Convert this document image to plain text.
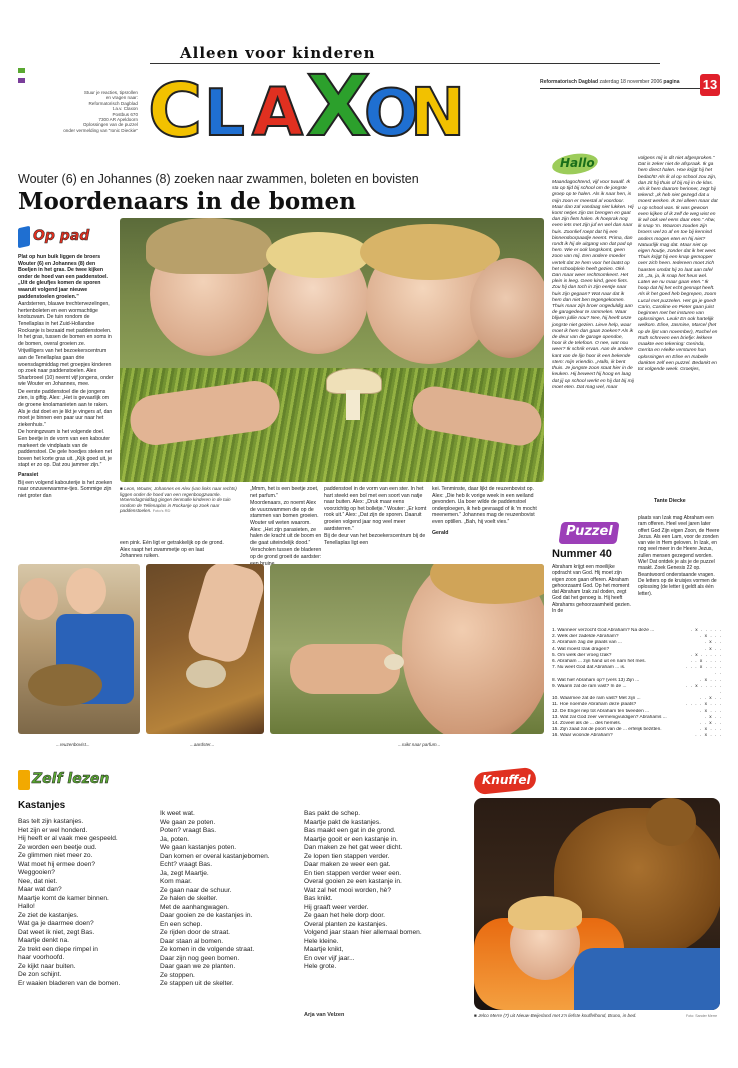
Stuur je reacties, tipsrollen
en vragen naar:
Reformatorisch Dagblad
t.a.v. Claxon
Postbus 670
7300 AR Apeldoorn
Oplossingen van de puzzel
onder vermelding van "Ionic Dieckie"
Alleen voor kinderen
C L A X
O
N	Reformatorisch Dagblad zaterdag 18 november 2006 pagina	13
Wouter (6) en Johannes (8) zoeken naar zwammen, boleten en bovisten
Moordenaars in de bomen
Op pad

Plat op hun buik liggen de broers Wouter (6) en Johannes (8) den Boeljen in het gras. De twee kijken onder de hoed van een paddenstoel. „Uit de gleufjes komen de sporen waaruit volgend jaar nieuwe paddenstoelen groeien.”

Aardsterren, blauwe trechtervezelingen, hertenboleten en een wormachtige knotszwam. De tuin rondom de Tenellaplas in het Zuid-Hollandse Rockanje is bezaaid met paddenstoelen. In het gras, tussen de bomen en soms in de bomen, overal groeien ze.

Vrijwilligers van het bezoekerscentrum aan de Tenellaplas gaan drie woensdagmiddag met groepjes kinderen op zoek naar paddenstoelen. Alex Sharbroeel (10) neemt vijf jongens, onder wie Wouter en Johannes, mee.

De eerste paddenstoel die de jongens zien, is giftig. Alex: „Het is gevaarlijk om de groene knolamanieten aan te raken. Als je dat doet en je likt je vingers af, dan moet je binnen een paar uur naar het ziekenhuis.”

De honingzwam is het volgende doel. Een beetje in de vorm van een kabouter markeert de vindplaats van de paddenstoel. De gele hoedjes steken net boven het korte gras uit. „Kijk goed uit, je stapt er zo op. Dat zou jammer zijn.”

Parasiet

Bij een volgend kabouterije is het zoeken naar onzuwerwamme-tjes. Sommige zijn niet groter dan

■ Leon, Wouter, Johannes en Alex (van links naar rechts) liggen onder de hoed van een regenboogzwamle. Woensdagmiddag gingen tienmalle kinderen in de tuin rondom de Tellenaplas in Rockanje op zoek naar paddenstoelen. Foto's RD

een pink. Eén ligt er getrakkelijk op de grond. Alex raapt het zwammetje op en laat Johannes ruiken.

„Mmm, het is een beetje zoet, net parfum.”

Moordenaars, zo noemt Alex de vuurzwammen die op de stammen van bomen groeien. Wouter wil weten waarom. Alex: „Het zijn parasieten, ze halen de kracht uit de boom en die gaat uiteindelijk dood.”

Verscholen tussen de bladeren op de grond groeit de aardster: bruine

paddenstoel in de vorm van een ster. In het hart steekt een bol met een soort van natje naar buiten. Alex: „Druk maar eens voorzichtig op het bolletje.” Wouter: „Er komt rook uit.” Alex: „Dat zijn de sporen. Daaruit groeien volgend jaar nog veel meer aardsterren.”

Bij de deur van het bezoekerscentrum bij de Tenellaplas ligt een

kei. Tenminste, daar lijkt de reuzenbovist op. Alex: „Die heb ik vorige week in een weiland gevonden. Ua boer wilde de paddenstoel onderploegen, ik heb gevraagd of ik 'm mocht meenemen.” Johannes mag de reuzenbovist even optillen. „Bah, hij voelt vies.”

Gerald

...reuzenbovist...	...aardster...	...ruikt naar parfum...
Hallo
Maandagochtend, vijf voor twaalf. Ik sta op tijd bij school om de jongste groep op te halen. Als ik naar hen, is mijn zoon er meestal al voordoor. Maar dan zal vandaag niet lukken. Hij komt netjes zijn tas brengen en gaat dan zijn fiets halen. Ik hoeprak nog even iets met zijn juf en wel dan naar huis. Zoonlief roept dat hij een binnendoorpaadje neemt. Prima, dan rondt ik hij de uitgang van dat pad op hem. Wie er ook langskomt, geen zoon van mij. Een andere moeder vertelt dat ze hem voor het laatst op het schoolplein heeft gezien. Oké. Dan maar weer rechtsomkeert. Het plein is leeg. Geen kind, geen fiets. Zou hij dan toch in zijn eentje naar huis zijn gegaan? Wat naar dat ik hem dan niet ben tegengekomen. Thuis maar zijn broer ongeduldig aan de garagedeur te rammelen. Waar blijven jullie nou? Nee, hij heeft onze jongste niet gezien. Lieve help, waar moet ik hem dan gaan zoeken? Als ik de deur van de garage opendoe, hoor ik de telefoon. O nee, wat nou weer? Ik schrik ervan. Aan de andere kant van de lijn hoor ik een bekende stem: mijn vriendin. „Hallo, ik bent thuis. Je jongste zoon staat hier in de keuken. Hij beweert hij hoog en laag dat jij op school werkt en hij dat bij mij moet eten. Dat mag wel, maar
volgens mij is dit niet afgesproken.” Dat is zeker niet de afspraak. Ik ga hem direct halen. Hoe krijgt hij het bedacht! Als ik al op school zou zijn, dan zit hij thuis of bij mij in de klas. Als ik hem daarom herinner, zegt hij tekend: „Ik heb niet gezegd dat u moest werken. Ik zei alleen maar dat u op school was. Ik was gewoon even kijken of ik zelf de weg wist en ik wil ook wel eens daar eten.” Ahw, ik snap 'm. Waarom zouden zijn broers wel zo af en toe bij kennisd anders mogen eten en hij niet? Natuurlijk mag dat. Maar niet op eigen houtje, zonder dat ik het weet. Thuis krijgt hij een knap gemopper over zich heen. Iedereen moet zich haasten omdat hij zo laat aan tafel zit. „Ja, ja, ik snap het heus wel. Laten we nu maar gaan eten.” Ik hoop dat hij het echt gesnapt heeft. Als ik het goed heb begrepen, zoom Lucal met puzzelen. Het ga je goed! Carin, Caroline en Pieter gaan juist beginnen met het insturen van oplossingen. Leuk! En ook hartelijk welkom. Eline, Jasmine, Marcel (het op de lijst van november), Rachel en Ruth schreven een briefje: lekkere maakte een tekening: Gerinda, Gerrita en Hielke versturen hun oplossingen en Eline en Isabelle dankten zelf een puzzel. Bedankt en tot volgende week. Groetjes,
Tante Diecke
Puzzel
Nummer 40
Abraham krijgt een moeilijke opdracht van God. Hij moet zijn eigen zoon gaan offeren. Abraham gehoorzaamt God. Op het moment dat Abraham Izak zal doden, zegt God dat het genoeg is. Hij heeft Abrahams gehoorzaamheid gezien. In de
plaats van Izak mag Abraham een ram offeren. Heel veel jaren later offert God Zijn eigen Zoon, de Heere Jezus. Als een Lam, voor de zonden van wie in Hem geloven. In Izak, en nog veel meer in de Heere Jezus, zullen mensen gezegend worden. Wie! Dat ontdek je als je de puzzel maakt. Zoek Genesis 22 op. Beantwoord onderstaande vragen. De letters op de kruisjes vormen de oplossing (de letter ij geldt als één letter).
1. Wanneer verzocht God Abraham? Na deze ...	. x . . . . .
2. Welk dier zadelde Abraham?	. x . . .
3. Abraham zag die plaats van ...	. x . .
4. Wat moest Izak dragen?	. x . .
5. Om welk dier vroeg Izak?	. x . . . . .
6. Abraham ... zijn hand uit en nam het mes.	. . x . . . .
7. Nu weet God dat Abraham ... is.	. . . x . . . . . .
8. Wat hief Abraham op? (vers 13) Zijn ...	. x . . .
9. Waarin zat de ram vast? In de ...	. . x . . . . . .
10. Waarmee zat de ram vast? Met zijn ...	. . x . .
11. Hoe noemde Abraham deze plaats?	. . . . x . . .
12. De Engel riep tot Abraham ten tweeden ...	. x . . .
13. Wat zal God zeer vermenigvuldigen? Abrahams ...	. x . .
14. Zoveel als de ... des hemels.	. . x . .
15. Zijn zaad zal de poort van de ... erfelijk bezitten.	. x . . .
16. Waar woonde Abraham?	. . x . . .
Zelf lezen
Kastanjes
Bas telt zijn kastanjes.
Het zijn er wel honderd.
Hij heeft er al vaak mee gespeeld.
Ze worden een beetje oud.
Ze glimmen niet meer zo.
Wat moet hij ermee doen?
Weggooien?
Nee, dat niet.
Maar wat dan?
Maartje komt de kamer binnen.
Hallo!
Ze ziet de kastanjes.
Wat ga je daarmee doen?
Dat weet ik niet, zegt Bas.
Maartje denkt na.
Ze trekt een diepe rimpel in
haar voorhoofd.
Ze kijkt naar buiten.
De zon schijnt.
Er waaien bladeren van de bomen.
Ik weet wat.
We gaan ze poten.
Poten? vraagt Bas.
Ja, poten.
We gaan kastanjes poten.
Dan komen er overal kastanjebomen.
Echt? vraagt Bas.
Ja, zegt Maartje.
Kom maar.
Ze gaan naar de schuur.
Ze halen de skelter.
Met de aanhangwagen.
Daar gooien ze de kastanjes in.
En een schep.
Ze rijden door de straat.
Daar staan al bomen.
Ze komen in de volgende straat.
Daar zijn nog geen bomen.
Daar gaan we ze planten.
Ze stoppen.
Ze stappen uit de skelter.
Bas pakt de schep.
Maartje pakt de kastanjes.
Bas maakt een gat in de grond.
Maartje gooit er een kastanje in.
Dan maken ze het gat weer dicht.
Ze lopen tien stappen verder.
Daar maken ze weer een gat.
En tien stappen verder weer een.
Overal gooien ze een kastanje in.
Wat zal het mooi worden, hè?
Bas knikt.
Hij graaft weer verder.
Ze gaan het hele dorp door.
Overal planten ze kastanjes.
Volgend jaar staan hier allemaal bomen.
Hele kleine.
Maartje knikt,
En over vijf jaar...
Hele grote.
Arja van Velzen
Knuffel
■ Jelco Merre (7) uit Nieuw-Beijerland met z'n liefste knuffelhond, Bruno, in bed.	Foto: Sander Merre
